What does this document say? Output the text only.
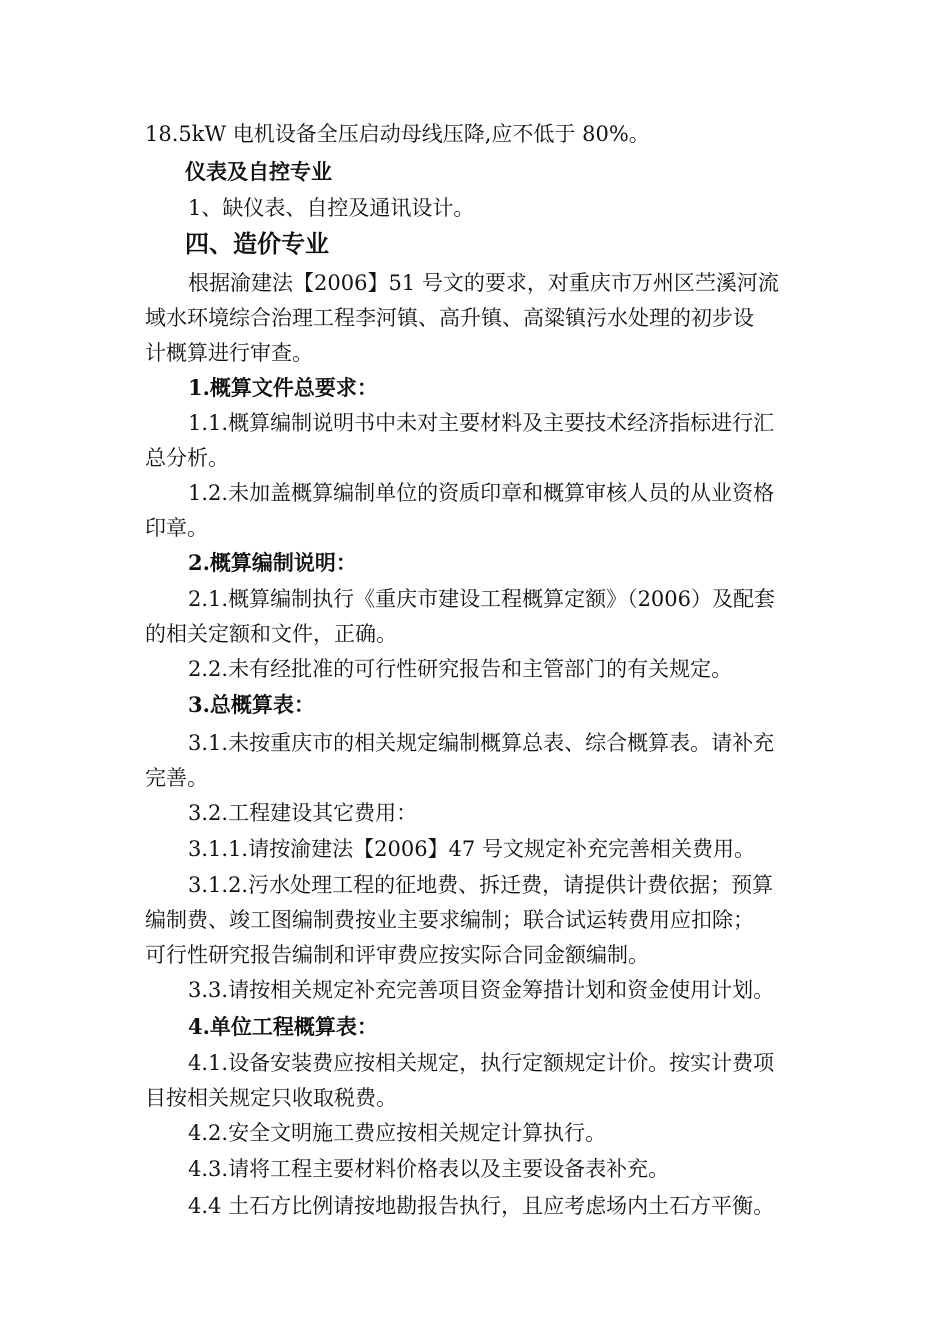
18.5kW 电机设备全压启动母线压降,应不低于 80%。
仪表及自控专业
1、缺仪表、自控及通讯设计。
四、造价专业
根据渝建法【2006】51 号文的要求，对重庆市万州区苎溪河流
域水环境综合治理工程李河镇、高升镇、高粱镇污水处理的初步设
计概算进行审查。
1.概算文件总要求：
1.1.概算编制说明书中未对主要材料及主要技术经济指标进行汇
总分析。
1.2.未加盖概算编制单位的资质印章和概算审核人员的从业资格
印章。
2.概算编制说明：
2.1.概算编制执行《重庆市建设工程概算定额》（2006）及配套
的相关定额和文件，正确。
2.2.未有经批准的可行性研究报告和主管部门的有关规定。
3.总概算表：
3.1.未按重庆市的相关规定编制概算总表、综合概算表。请补充
完善。
3.2.工程建设其它费用：
3.1.1.请按渝建法【2006】47 号文规定补充完善相关费用。
3.1.2.污水处理工程的征地费、拆迁费，请提供计费依据；预算
编制费、竣工图编制费按业主要求编制；联合试运转费用应扣除；
可行性研究报告编制和评审费应按实际合同金额编制。
3.3.请按相关规定补充完善项目资金筹措计划和资金使用计划。
4.单位工程概算表：
4.1.设备安装费应按相关规定，执行定额规定计价。按实计费项
目按相关规定只收取税费。
4.2.安全文明施工费应按相关规定计算执行。
4.3.请将工程主要材料价格表以及主要设备表补充。
4.4 土石方比例请按地勘报告执行，且应考虑场内土石方平衡。
